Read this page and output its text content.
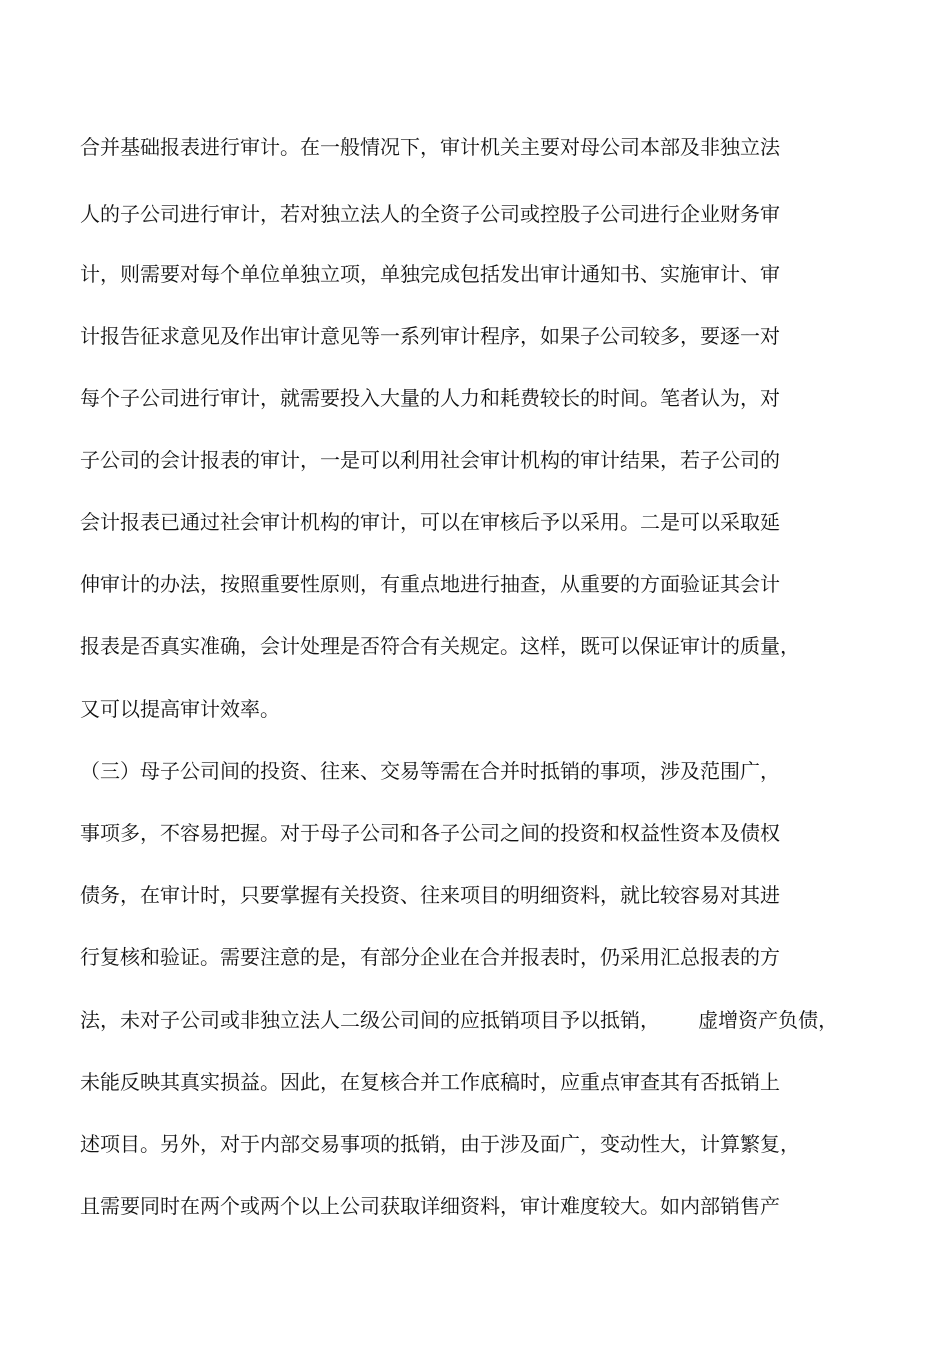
合并基础报表进行审计。在一般情况下，审计机关主要对母公司本部及非独立法
人的子公司进行审计，若对独立法人的全资子公司或控股子公司进行企业财务审
计，则需要对每个单位单独立项，单独完成包括发出审计通知书、实施审计、审
计报告征求意见及作出审计意见等一系列审计程序，如果子公司较多，要逐一对
每个子公司进行审计，就需要投入大量的人力和耗费较长的时间。笔者认为，对
子公司的会计报表的审计，一是可以利用社会审计机构的审计结果，若子公司的
会计报表已通过社会审计机构的审计，可以在审核后予以采用。二是可以采取延
伸审计的办法，按照重要性原则，有重点地进行抽查，从重要的方面验证其会计
报表是否真实准确，会计处理是否符合有关规定。这样，既可以保证审计的质量，
又可以提高审计效率。
（三）母子公司间的投资、往来、交易等需在合并时抵销的事项，涉及范围广，
事项多，不容易把握。对于母子公司和各子公司之间的投资和权益性资本及债权
债务，在审计时，只要掌握有关投资、往来项目的明细资料，就比较容易对其进
行复核和验证。需要注意的是，有部分企业在合并报表时，仍采用汇总报表的方
法，未对子公司或非独立法人二级公司间的应抵销项目予以抵销，      虚增资产负债，
未能反映其真实损益。因此，在复核合并工作底稿时，应重点审查其有否抵销上
述项目。另外，对于内部交易事项的抵销，由于涉及面广，变动性大，计算繁复，
且需要同时在两个或两个以上公司获取详细资料，审计难度较大。如内部销售产
